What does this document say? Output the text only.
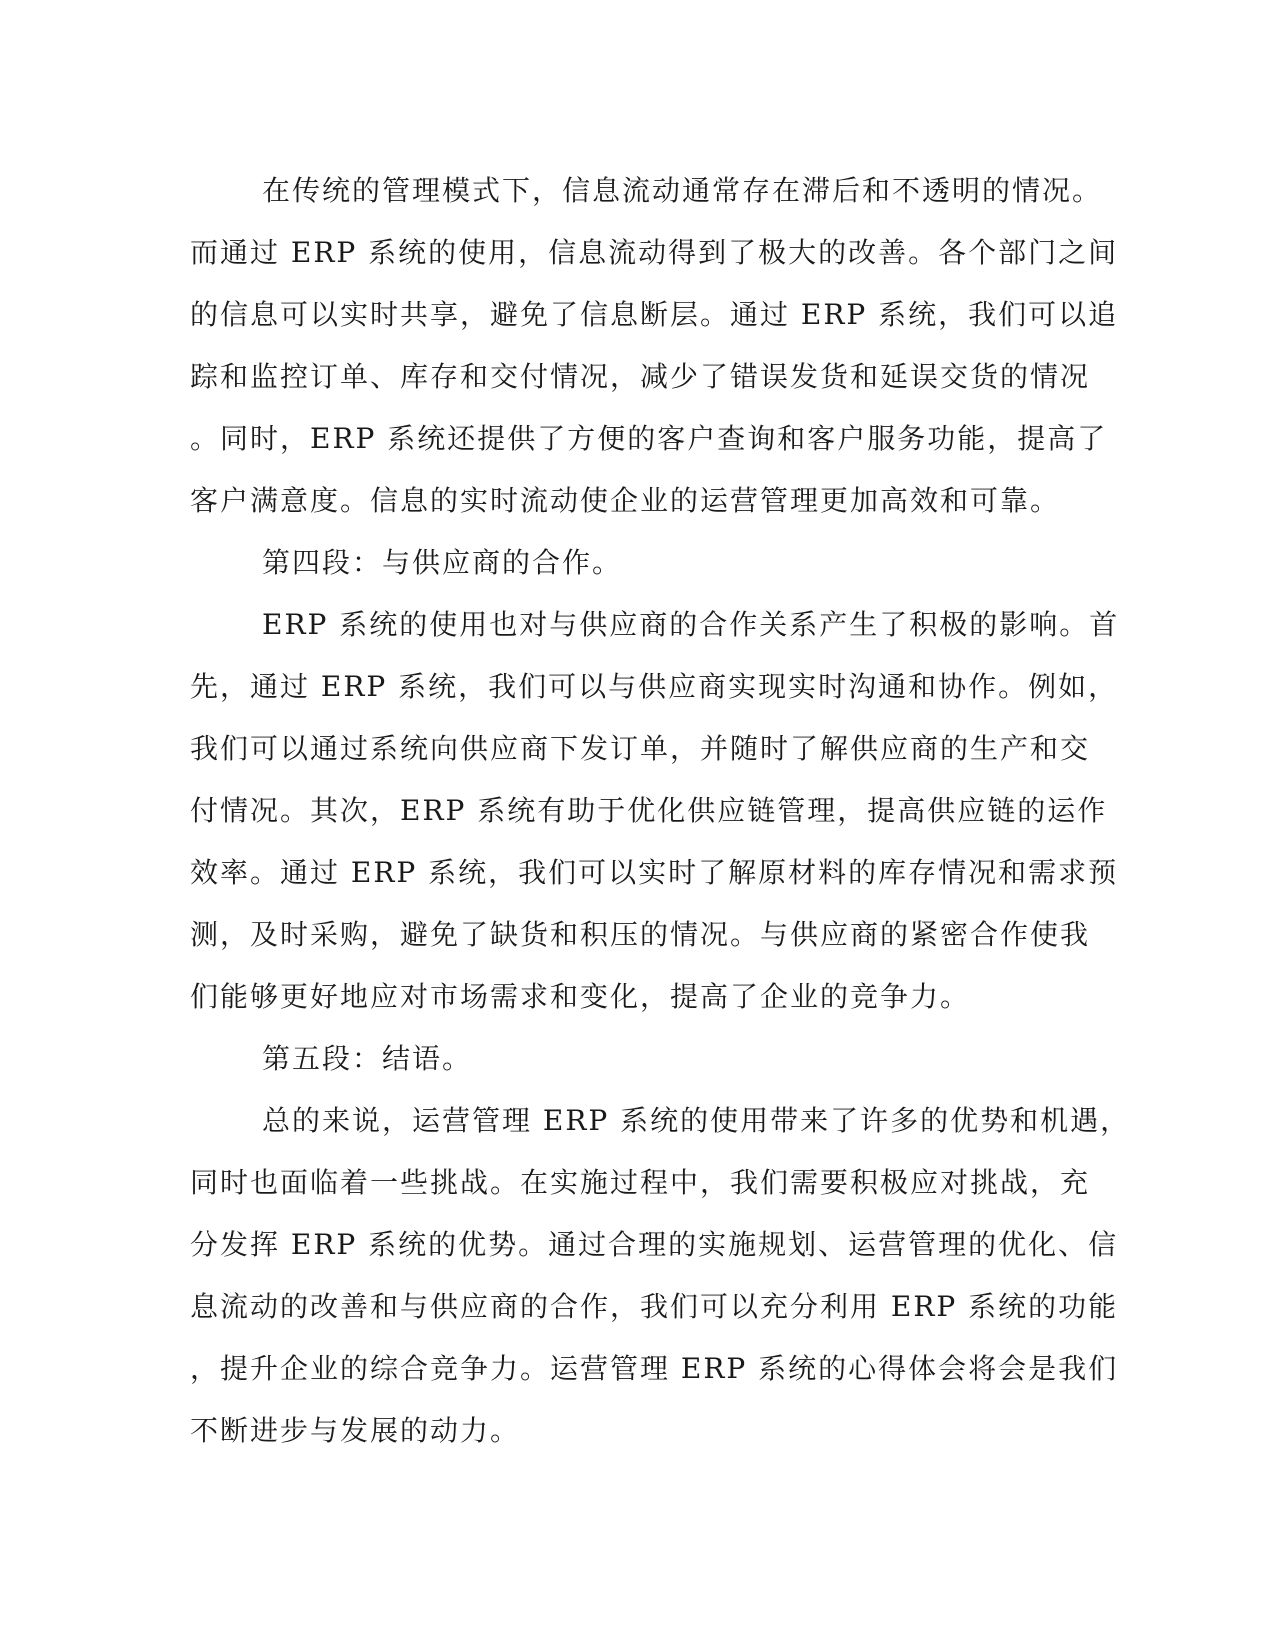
在传统的管理模式下，信息流动通常存在滞后和不透明的情况。
而通过 ERP 系统的使用，信息流动得到了极大的改善。各个部门之间
的信息可以实时共享，避免了信息断层。通过 ERP 系统，我们可以追
踪和监控订单、库存和交付情况，减少了错误发货和延误交货的情况
。同时，ERP 系统还提供了方便的客户查询和客户服务功能，提高了
客户满意度。信息的实时流动使企业的运营管理更加高效和可靠。
第四段：与供应商的合作。
ERP 系统的使用也对与供应商的合作关系产生了积极的影响。首
先，通过 ERP 系统，我们可以与供应商实现实时沟通和协作。例如，
我们可以通过系统向供应商下发订单，并随时了解供应商的生产和交
付情况。其次，ERP 系统有助于优化供应链管理，提高供应链的运作
效率。通过 ERP 系统，我们可以实时了解原材料的库存情况和需求预
测，及时采购，避免了缺货和积压的情况。与供应商的紧密合作使我
们能够更好地应对市场需求和变化，提高了企业的竞争力。
第五段：结语。
总的来说，运营管理 ERP 系统的使用带来了许多的优势和机遇，
同时也面临着一些挑战。在实施过程中，我们需要积极应对挑战，充
分发挥 ERP 系统的优势。通过合理的实施规划、运营管理的优化、信
息流动的改善和与供应商的合作，我们可以充分利用 ERP 系统的功能
，提升企业的综合竞争力。运营管理 ERP 系统的心得体会将会是我们
不断进步与发展的动力。
